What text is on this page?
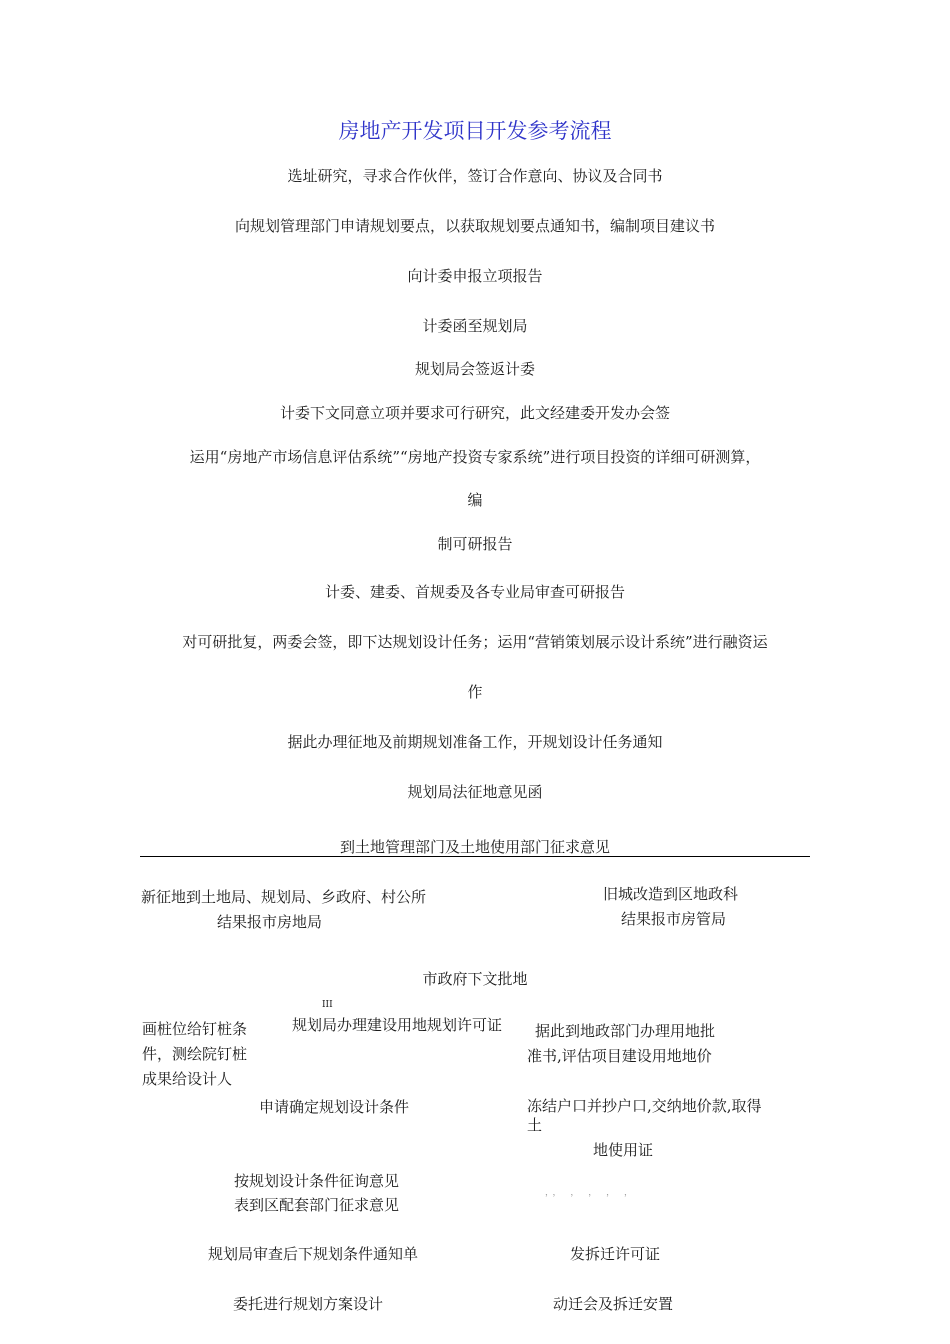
房地产开发项目开发参考流程
选址研究，寻求合作伙伴，签订合作意向、协议及合同书
向规划管理部门申请规划要点，以获取规划要点通知书，编制项目建议书
向计委申报立项报告
计委函至规划局
规划局会签返计委
计委下文同意立项并要求可行研究，此文经建委开发办会签
运用“房地产市场信息评估系统”“房地产投资专家系统”进行项目投资的详细可研测算，
编
制可研报告
计委、建委、首规委及各专业局审查可研报告
对可研批复，两委会签，即下达规划设计任务；运用“营销策划展示设计系统”进行融资运
作
据此办理征地及前期规划准备工作，开规划设计任务通知
规划局法征地意见函
到土地管理部门及土地使用部门征求意见
新征地到土地局、规划局、乡政府、村公所
结果报市房地局
旧城改造到区地政科
结果报市房管局
市政府下文批地
III
画桩位给钉桩条
件，测绘院钉桩
成果给设计人
规划局办理建设用地规划许可证 据此到地政部门办理用地批
准书,评估项目建设用地地价
申请确定规划设计条件	冻结户口并抄户口,交纳地价款,取得
土
地使用证
按规划设计条件征询意见
表到区配套部门征求意见
，， ， ， ， ，
规划局审查后下规划条件通知单	发拆迁许可证
委托进行规划方案设计	动迁会及拆迁安置
